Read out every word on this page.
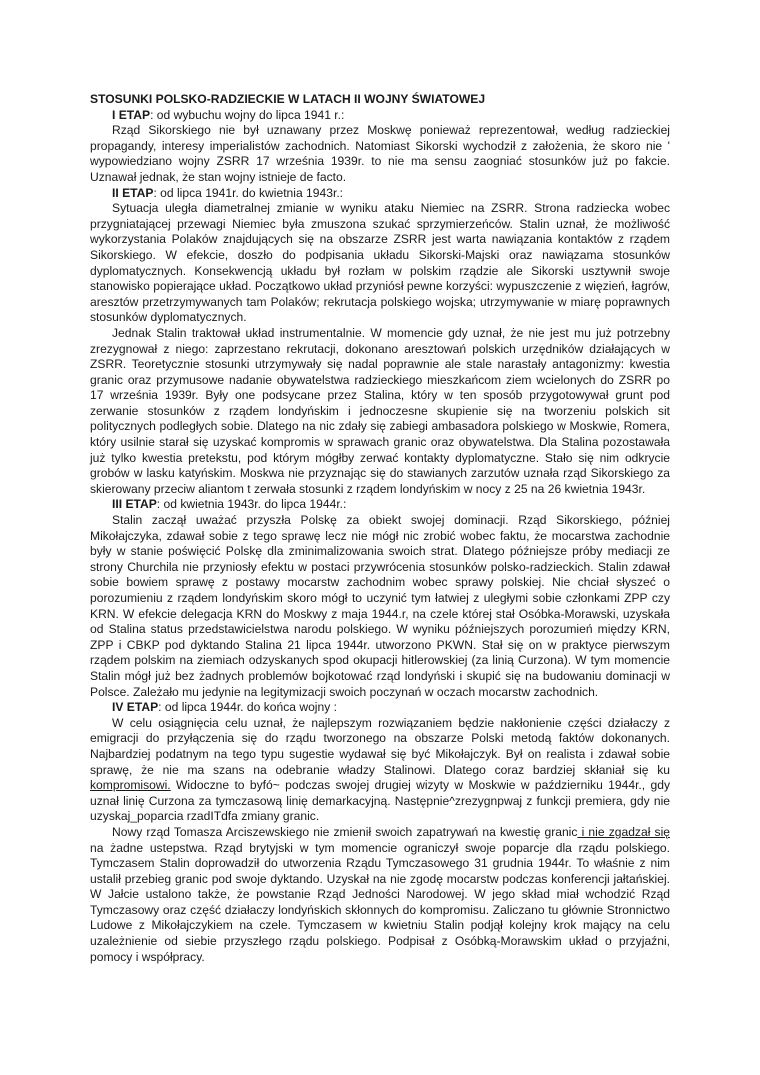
STOSUNKI POLSKO-RADZIECKIE W LATACH II WOJNY ŚWIATOWEJ

I ETAP: od wybuchu wojny do lipca 1941 r.:

Rząd Sikorskiego nie był uznawany przez Moskwę ponieważ reprezentował, według radzieckiej propagandy, interesy imperialistów zachodnich. Natomiast Sikorski wychodził z założenia, że skoro nie ' wypowiedziano wojny ZSRR 17 września 1939r. to nie ma sensu zaogniać stosunków już po fakcie. Uznawał jednak, że stan wojny istnieje de facto.

II ETAP: od lipca 1941r. do kwietnia 1943r.:

Sytuacja uległa diametralnej zmianie w wyniku ataku Niemiec na ZSRR. Strona radziecka wobec przygniatającej przewagi Niemiec była zmuszona szukać sprzymierzeńców. Stalin uznał, że możliwość wykorzystania Polaków znajdujących się na obszarze ZSRR jest warta nawiązania kontaktów z rządem Sikorskiego. W efekcie, doszło do podpisania układu Sikorski-Majski oraz nawiązama stosunków dyplomatycznych. Konsekwencją układu był rozłam w polskim rządzie ale Sikorski usztywnił swoje stanowisko popierające układ. Początkowo układ przyniósł pewne korzyści: wypuszczenie z więzień, łagrów, aresztów przetrzymywanych tam Polaków; rekrutacja polskiego wojska; utrzymywanie w miarę poprawnych stosunków dyplomatycznych.

Jednak Stalin traktował układ instrumentalnie. W momencie gdy uznał, że nie jest mu już potrzebny zrezygnował z niego: zaprzestano rekrutacji, dokonano aresztowań polskich urzędników działających w ZSRR. Teoretycznie stosunki utrzymywały się nadal poprawnie ale stale narastały antagonizmy: kwestia granic oraz przymusowe nadanie obywatelstwa radzieckiego mieszkańcom ziem wcielonych do ZSRR po 17 września 1939r. Były one podsycane przez Stalina, który w ten sposób przygotowywał grunt pod zerwanie stosunków z rządem londyńskim i jednoczesne skupienie się na tworzeniu polskich sit politycznych podległych sobie. Dlatego na nic zdały się zabiegi ambasadora polskiego w Moskwie, Romera, który usilnie starał się uzyskać kompromis w sprawach granic oraz obywatelstwa. Dla Stalina pozostawała już tylko kwestia pretekstu, pod którym mógłby zerwać kontakty dyplomatyczne. Stało się nim odkrycie grobów w lasku katyńskim. Moskwa nie przyznając się do stawianych zarzutów uznała rząd Sikorskiego za skierowany przeciw aliantom t zerwała stosunki z rządem londyńskim w nocy z 25 na 26 kwietnia 1943r.

III ETAP: od kwietnia 1943r. do lipca 1944r.:

Stalin zaczął uważać przyszła Polskę za obiekt swojej dominacji. Rząd Sikorskiego, później Mikołajczyka, zdawał sobie z tego sprawę lecz nie mógł nic zrobić wobec faktu, że mocarstwa zachodnie były w stanie poświęcić Polskę dla zminimalizowania swoich strat. Dlatego późniejsze próby mediacji ze strony Churchila nie przyniosły efektu w postaci przywrócenia stosunków polsko-radzieckich. Stalin zdawał sobie bowiem sprawę z postawy mocarstw zachodnim wobec sprawy polskiej. Nie chciał słyszeć o porozumieniu z rządem londyńskim skoro mógł to uczynić tym łatwiej z uległymi sobie członkami ZPP czy KRN. W efekcie delegacja KRN do Moskwy z maja 1944.r, na czele której stał Osóbka-Morawski, uzyskała od Stalina status przedstawicielstwa narodu polskiego. W wyniku późniejszych porozumień między KRN, ZPP i CBKP pod dyktando Stalina 21 lipca 1944r. utworzono PKWN. Stał się on w praktyce pierwszym rządem polskim na ziemiach odzyskanych spod okupacji hitlerowskiej (za linią Curzona). W tym momencie Stalin mógł już bez żadnych problemów bojkotować rząd londyński i skupić się na budowaniu dominacji w Polsce. Zależało mu jedynie na legitymizacji swoich poczynań w oczach mocarstw zachodnich.

IV ETAP: od lipca 1944r. do końca wojny :

W celu osiągnięcia celu uznał, że najlepszym rozwiązaniem będzie nakłonienie części działaczy z emigracji do przyłączenia się do rządu tworzonego na obszarze Polski metodą faktów dokonanych. Najbardziej podatnym na tego typu sugestie wydawał się być Mikołajczyk. Był on realista i zdawał sobie sprawę, że nie ma szans na odebranie władzy Stalinowi. Dlatego coraz bardziej skłaniał się ku kompromisowi. Widoczne to byfó~ podczas swojej drugiej wizyty w Moskwie w październiku 1944r., gdy uznał linię Curzona za tymczasową linię demarkacyjną. Następnie^zrezygnpwaj z funkcji premiera, gdy nie uzyskaj_poparcia rzadITdfa zmiany granic.

Nowy rząd Tomasza Arciszewskiego nie zmienił swoich zapatrywań na kwestię granic i nie zgadzał się na żadne ustepstwa. Rząd brytyjski w tym momencie ograniczył swoje poparcje dla rządu polskiego. Tymczasem Stalin doprowadził do utworzenia Rządu Tymczasowego 31 grudnia 1944r. To właśnie z nim ustalił przebieg granic pod swoje dyktando. Uzyskał na nie zgodę mocarstw podczas konferencji jałtańskiej. W Jałcie ustalono także, że powstanie Rząd Jedności Narodowej. W jego skład miał wchodzić Rząd Tymczasowy oraz część działaczy londyńskich skłonnych do kompromisu. Zaliczano tu głównie Stronnictwo Ludowe z Mikołajczykiem na czele. Tymczasem w kwietniu Stalin podjął kolejny krok mający na celu uzależnienie od siebie przyszłego rządu polskiego. Podpisał z Osóbką-Morawskim układ o przyjaźni, pomocy i współpracy.
